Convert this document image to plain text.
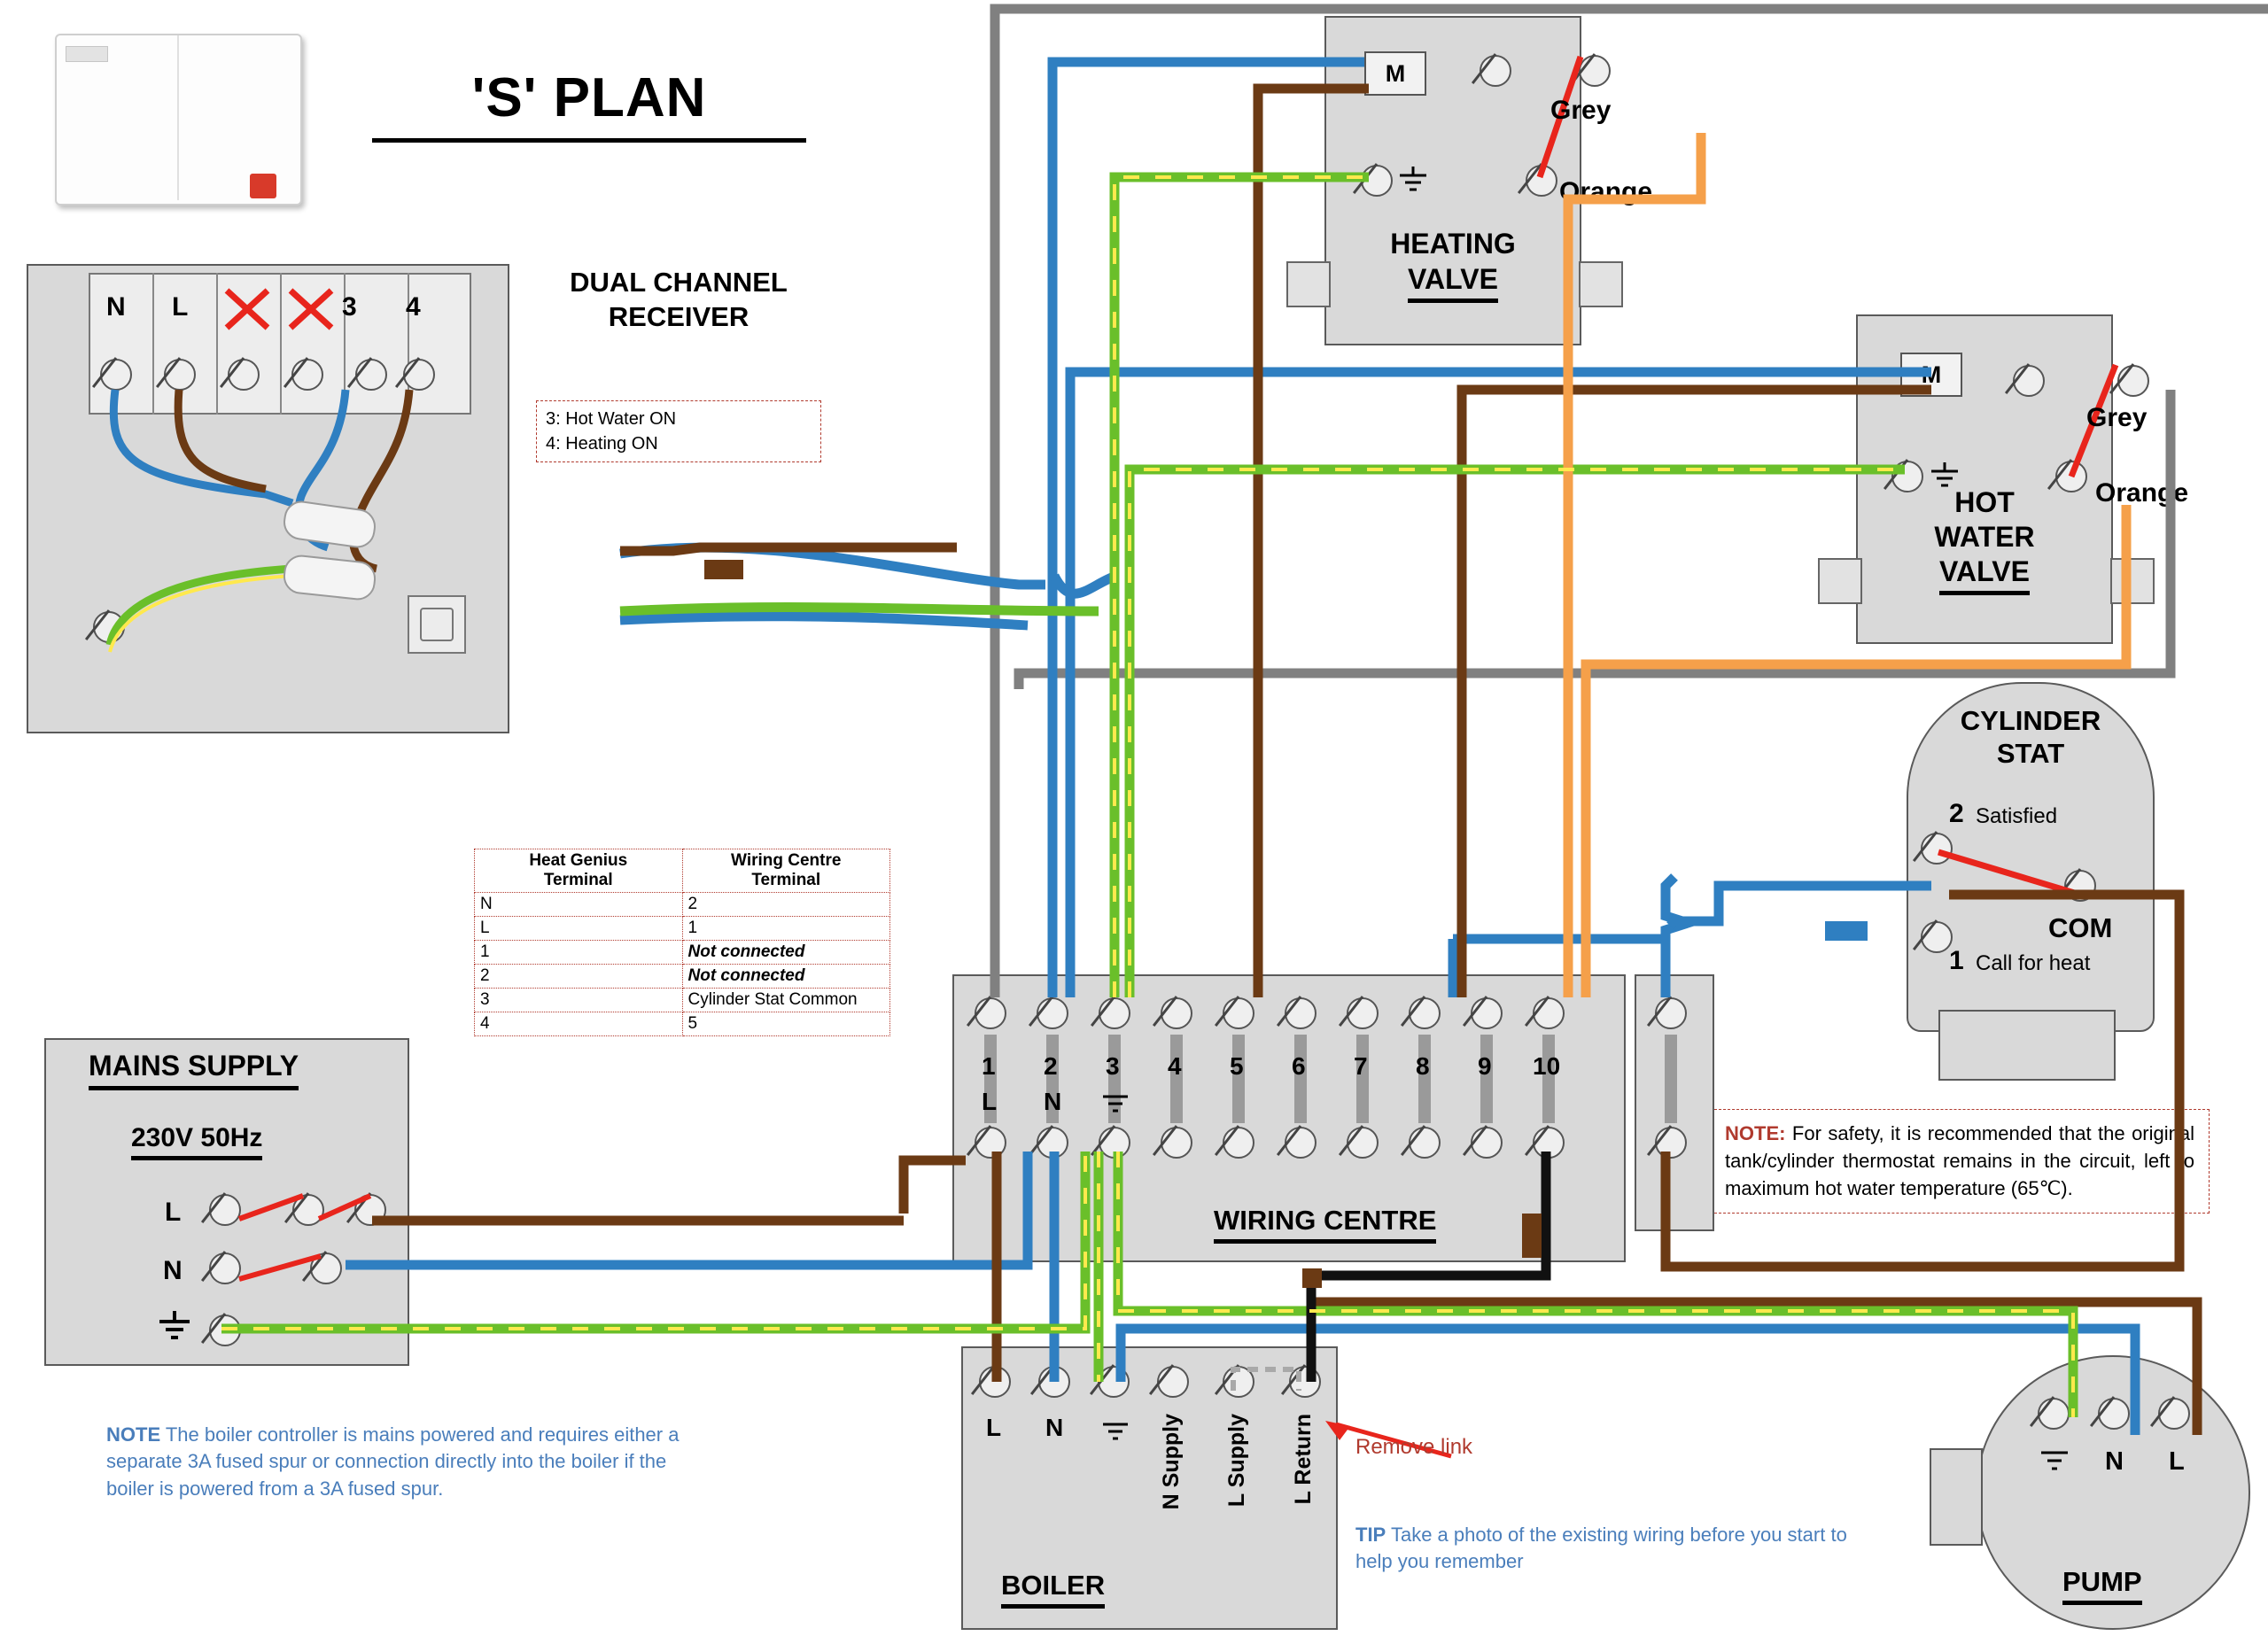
'S' PLAN
N L	3 4
DUAL CHANNEL
RECEIVER
3: Hot Water ON
4: Heating ON
M
Grey
Orange
HEATING
VALVE
M
Grey
Orange
HOT
WATER
VALVE
CYLINDER
STAT
2 Satisfied
1 Call for heat
COM
NOTE: For safety, it is recommended that the original tank/cylinder thermostat remains in the circuit, left to maximum hot water temperature (65℃).
Heat Genius
Terminal	Wiring Centre
Terminal
N	2
L	1
1	Not connected
2	Not connected
3	Cylinder Stat Common
4	5
MAINS SUPPLY
230V 50Hz
L
N
WIRING CENTRE
1 2 3 4 5 6 7 8 9 10
L N
L N	N Supply L Supply L Return
BOILER
Remove link
N L
PUMP
NOTE The boiler controller is mains powered and requires either a separate 3A fused spur or connection directly into the boiler if the boiler is powered from a 3A fused spur.
TIP Take a photo of the existing wiring before you start to help you remember
